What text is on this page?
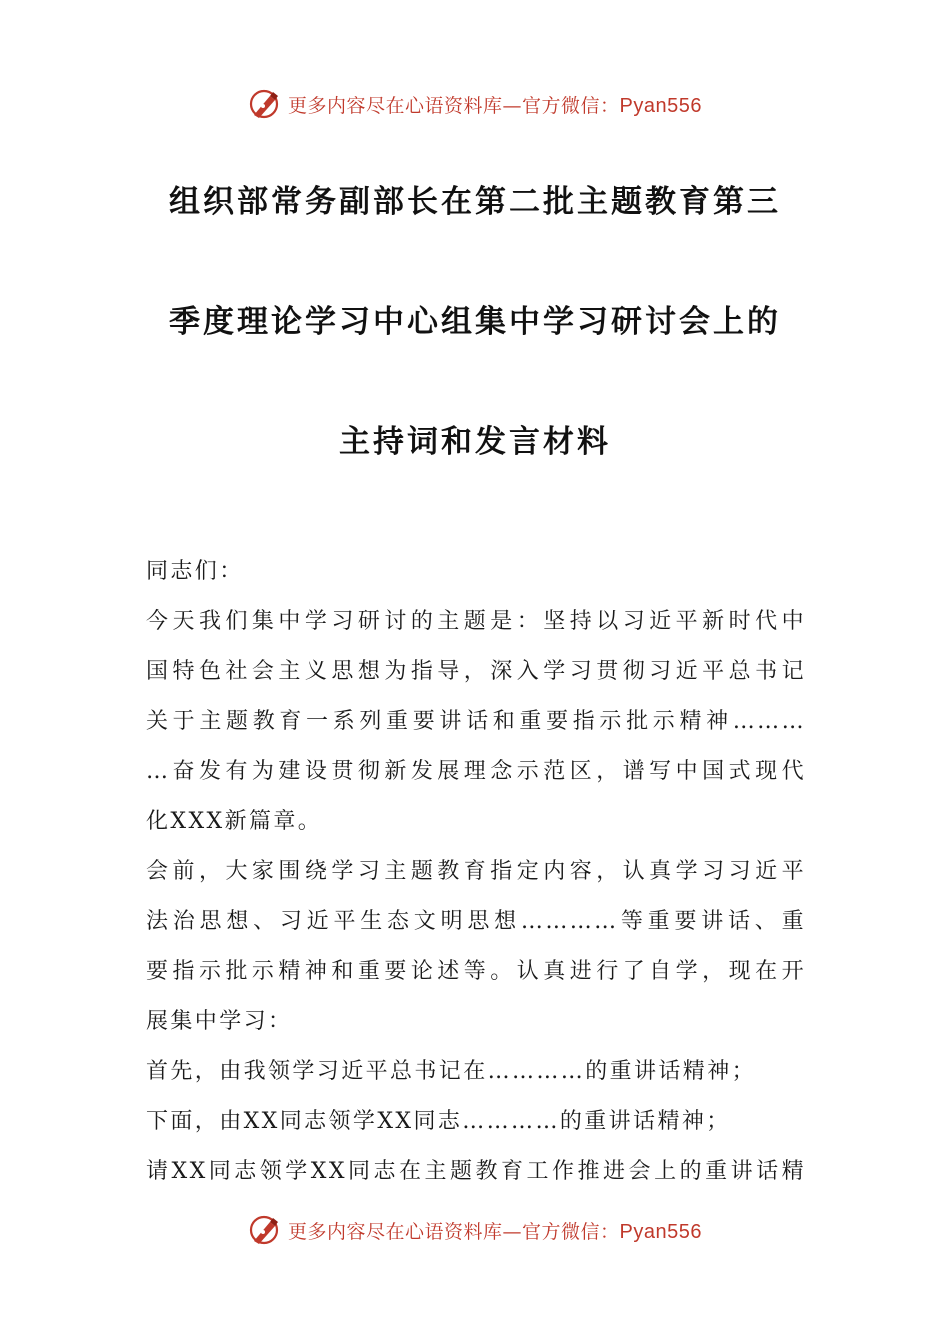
更多内容尽在心语资料库—官方微信：Pyan556
组织部常务副部长在第二批主题教育第三
季度理论学习中心组集中学习研讨会上的
主持词和发言材料
同志们：
今天我们集中学习研讨的主题是：坚持以习近平新时代中
国特色社会主义思想为指导，深入学习贯彻习近平总书记
关于主题教育一系列重要讲话和重要指示批示精神………
…奋发有为建设贯彻新发展理念示范区，谱写中国式现代
化XXX新篇章。
会前，大家围绕学习主题教育指定内容，认真学习习近平
法治思想、习近平生态文明思想…………等重要讲话、重
要指示批示精神和重要论述等。认真进行了自学，现在开
展集中学习：
首先，由我领学习近平总书记在…………的重讲话精神；
下面，由XX同志领学XX同志…………的重讲话精神；
请XX同志领学XX同志在主题教育工作推进会上的重讲话精
更多内容尽在心语资料库—官方微信：Pyan556
